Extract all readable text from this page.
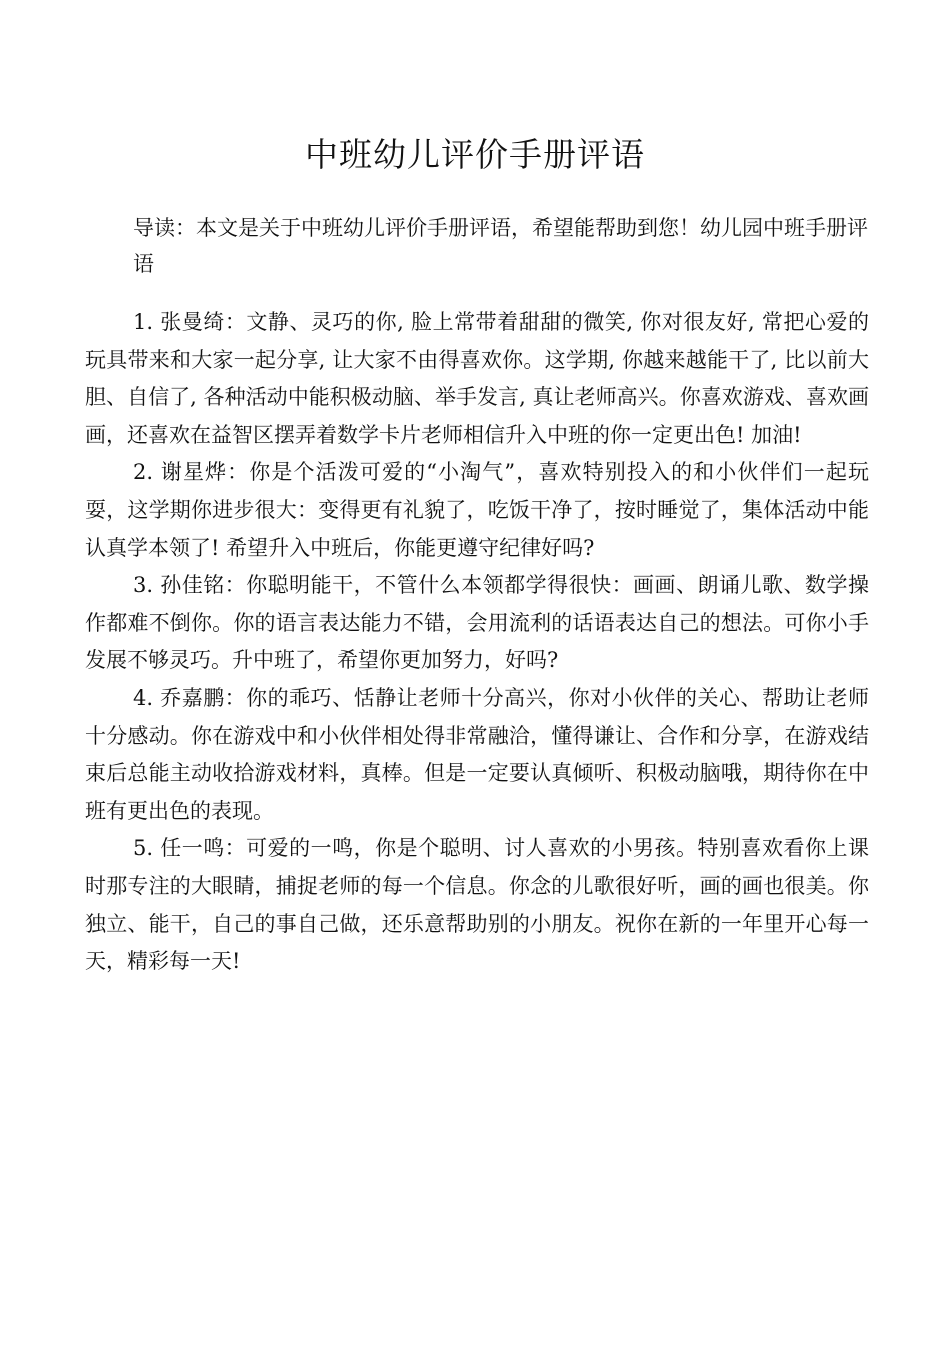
中班幼儿评价手册评语

导读：本文是关于中班幼儿评价手册评语，希望能帮助到您！幼儿园中班手册评语

1. 张曼绮：文静、灵巧的你, 脸上常带着甜甜的微笑, 你对很友好, 常把心爱的玩具带来和大家一起分享, 让大家不由得喜欢你。这学期, 你越来越能干了, 比以前大胆、自信了, 各种活动中能积极动脑、举手发言, 真让老师高兴。你喜欢游戏、喜欢画画，还喜欢在益智区摆弄着数学卡片老师相信升入中班的你一定更出色! 加油!

2. 谢星烨：你是个活泼可爱的“小淘气”，喜欢特别投入的和小伙伴们一起玩耍，这学期你进步很大：变得更有礼貌了，吃饭干净了，按时睡觉了，集体活动中能认真学本领了! 希望升入中班后，你能更遵守纪律好吗?

3. 孙佳铭：你聪明能干，不管什么本领都学得很快：画画、朗诵儿歌、数学操作都难不倒你。你的语言表达能力不错，会用流利的话语表达自己的想法。可你小手发展不够灵巧。升中班了，希望你更加努力，好吗?

4. 乔嘉鹏：你的乖巧、恬静让老师十分高兴，你对小伙伴的关心、帮助让老师十分感动。你在游戏中和小伙伴相处得非常融洽，懂得谦让、合作和分享，在游戏结束后总能主动收拾游戏材料，真棒。但是一定要认真倾听、积极动脑哦，期待你在中班有更出色的表现。

5. 任一鸣：可爱的一鸣，你是个聪明、讨人喜欢的小男孩。特别喜欢看你上课时那专注的大眼睛，捕捉老师的每一个信息。你念的儿歌很好听，画的画也很美。你独立、能干，自己的事自己做，还乐意帮助别的小朋友。祝你在新的一年里开心每一天，精彩每一天!
